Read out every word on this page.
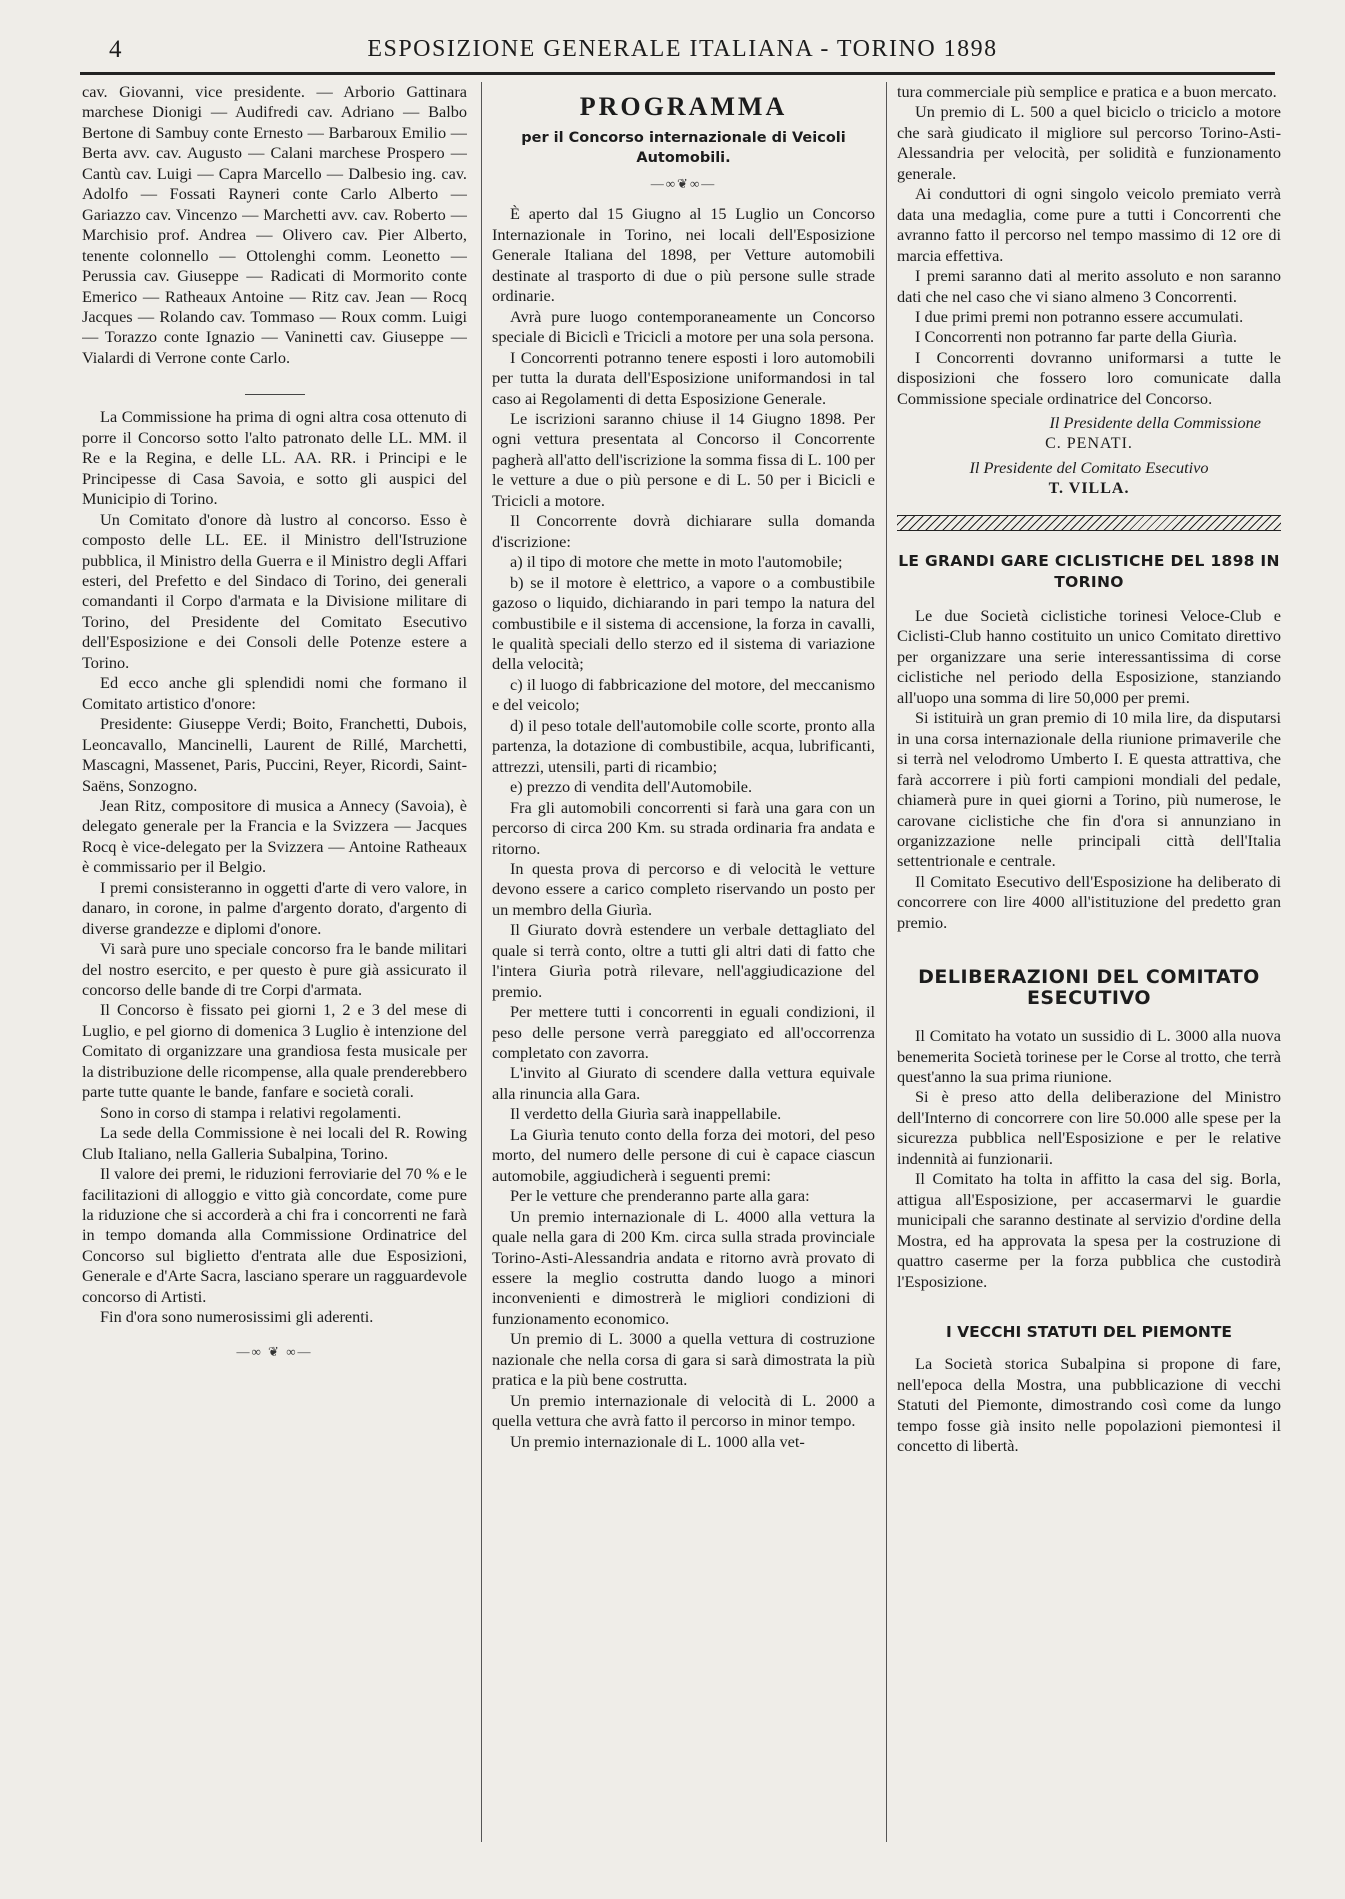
4	ESPOSIZIONE GENERALE ITALIANA - TORINO 1898

cav. Giovanni, vice presidente. — Arborio Gattinara marchese Dionigi — Audifredi cav. Adriano — Balbo Bertone di Sambuy conte Ernesto — Barbaroux Emilio — Berta avv. cav. Augusto — Calani marchese Prospero — Cantù cav. Luigi — Capra Marcello — Dalbesio ing. cav. Adolfo — Fossati Rayneri conte Carlo Alberto — Gariazzo cav. Vincenzo — Marchetti avv. cav. Roberto — Marchisio prof. Andrea — Olivero cav. Pier Alberto, tenente colonnello — Ottolenghi comm. Leonetto — Perussia cav. Giuseppe — Radicati di Mormorito conte Emerico — Ratheaux Antoine — Ritz cav. Jean — Rocq Jacques — Rolando cav. Tommaso — Roux comm. Luigi — Torazzo conte Ignazio — Vaninetti cav. Giuseppe — Vialardi di Verrone conte Carlo.

La Commissione ha prima di ogni altra cosa ottenuto di porre il Concorso sotto l'alto patronato delle LL. MM. il Re e la Regina, e delle LL. AA. RR. i Principi e le Principesse di Casa Savoia, e sotto gli auspici del Municipio di Torino.

Un Comitato d'onore dà lustro al concorso. Esso è composto delle LL. EE. il Ministro dell'Istruzione pubblica, il Ministro della Guerra e il Ministro degli Affari esteri, del Prefetto e del Sindaco di Torino, dei generali comandanti il Corpo d'armata e la Divisione militare di Torino, del Presidente del Comitato Esecutivo dell'Esposizione e dei Consoli delle Potenze estere a Torino.

Ed ecco anche gli splendidi nomi che formano il Comitato artistico d'onore:

Presidente: Giuseppe Verdi; Boito, Franchetti, Dubois, Leoncavallo, Mancinelli, Laurent de Rillé, Marchetti, Mascagni, Massenet, Paris, Puccini, Reyer, Ricordi, Saint-Saëns, Sonzogno.

Jean Ritz, compositore di musica a Annecy (Savoia), è delegato generale per la Francia e la Svizzera — Jacques Rocq è vice-delegato per la Svizzera — Antoine Ratheaux è commissario per il Belgio.

I premi consisteranno in oggetti d'arte di vero valore, in danaro, in corone, in palme d'argento dorato, d'argento di diverse grandezze e diplomi d'onore.

Vi sarà pure uno speciale concorso fra le bande militari del nostro esercito, e per questo è pure già assicurato il concorso delle bande di tre Corpi d'armata.

Il Concorso è fissato pei giorni 1, 2 e 3 del mese di Luglio, e pel giorno di domenica 3 Luglio è intenzione del Comitato di organizzare una grandiosa festa musicale per la distribuzione delle ricompense, alla quale prenderebbero parte tutte quante le bande, fanfare e società corali.

Sono in corso di stampa i relativi regolamenti.

La sede della Commissione è nei locali del R. Rowing Club Italiano, nella Galleria Subalpina, Torino.

Il valore dei premi, le riduzioni ferroviarie del 70 % e le facilitazioni di alloggio e vitto già concordate, come pure la riduzione che si accorderà a chi fra i concorrenti ne farà in tempo domanda alla Commissione Ordinatrice del Concorso sul biglietto d'entrata alle due Esposizioni, Generale e d'Arte Sacra, lasciano sperare un ragguardevole concorso di Artisti.

Fin d'ora sono numerosissimi gli aderenti.

—∞ ❦ ∞—
PROGRAMMA
per il Concorso internazionale di Veicoli Automobili.
—∞❦∞—

È aperto dal 15 Giugno al 15 Luglio un Concorso Internazionale in Torino, nei locali dell'Esposizione Generale Italiana del 1898, per Vetture automobili destinate al trasporto di due o più persone sulle strade ordinarie.

Avrà pure luogo contemporaneamente un Concorso speciale di Biciclì e Tricicli a motore per una sola persona.

I Concorrenti potranno tenere esposti i loro automobili per tutta la durata dell'Esposizione uniformandosi in tal caso ai Regolamenti di detta Esposizione Generale.

Le iscrizioni saranno chiuse il 14 Giugno 1898. Per ogni vettura presentata al Concorso il Concorrente pagherà all'atto dell'iscrizione la somma fissa di L. 100 per le vetture a due o più persone e di L. 50 per i Bicicli e Tricicli a motore.

Il Concorrente dovrà dichiarare sulla domanda d'iscrizione:

a) il tipo di motore che mette in moto l'automobile;

b) se il motore è elettrico, a vapore o a combustibile gazoso o liquido, dichiarando in pari tempo la natura del combustibile e il sistema di accensione, la forza in cavalli, le qualità speciali dello sterzo ed il sistema di variazione della velocità;

c) il luogo di fabbricazione del motore, del meccanismo e del veicolo;

d) il peso totale dell'automobile colle scorte, pronto alla partenza, la dotazione di combustibile, acqua, lubrificanti, attrezzi, utensili, parti di ricambio;

e) prezzo di vendita dell'Automobile.

Fra gli automobili concorrenti si farà una gara con un percorso di circa 200 Km. su strada ordinaria fra andata e ritorno.

In questa prova di percorso e di velocità le vetture devono essere a carico completo riservando un posto per un membro della Giurìa.

Il Giurato dovrà estendere un verbale dettagliato del quale si terrà conto, oltre a tutti gli altri dati di fatto che l'intera Giurìa potrà rilevare, nell'aggiudicazione del premio.

Per mettere tutti i concorrenti in eguali condizioni, il peso delle persone verrà pareggiato ed all'occorrenza completato con zavorra.

L'invito al Giurato di scendere dalla vettura equivale alla rinuncia alla Gara.

Il verdetto della Giurìa sarà inappellabile.

La Giurìa tenuto conto della forza dei motori, del peso morto, del numero delle persone di cui è capace ciascun automobile, aggiudicherà i seguenti premi:

Per le vetture che prenderanno parte alla gara:

Un premio internazionale di L. 4000 alla vettura la quale nella gara di 200 Km. circa sulla strada provinciale Torino-Asti-Alessandria andata e ritorno avrà provato di essere la meglio costrutta dando luogo a minori inconvenienti e dimostrerà le migliori condizioni di funzionamento economico.

Un premio di L. 3000 a quella vettura di costruzione nazionale che nella corsa di gara si sarà dimostrata la più pratica e la più bene costrutta.

Un premio internazionale di velocità di L. 2000 a quella vettura che avrà fatto il percorso in minor tempo.

Un premio internazionale di L. 1000 alla vet-

tura commerciale più semplice e pratica e a buon mercato.

Un premio di L. 500 a quel biciclo o triciclo a motore che sarà giudicato il migliore sul percorso Torino-Asti-Alessandria per velocità, per solidità e funzionamento generale.

Ai conduttori di ogni singolo veicolo premiato verrà data una medaglia, come pure a tutti i Concorrenti che avranno fatto il percorso nel tempo massimo di 12 ore di marcia effettiva.

I premi saranno dati al merito assoluto e non saranno dati che nel caso che vi siano almeno 3 Concorrenti.

I due primi premi non potranno essere accumulati.

I Concorrenti non potranno far parte della Giurìa.

I Concorrenti dovranno uniformarsi a tutte le disposizioni che fossero loro comunicate dalla Commissione speciale ordinatrice del Concorso.

Il Presidente della Commissione
C. PENATI.
Il Presidente del Comitato Esecutivo
T. VILLA.
LE GRANDI GARE CICLISTICHE DEL 1898 IN TORINO

Le due Società ciclistiche torinesi Veloce-Club e Ciclisti-Club hanno costituito un unico Comitato direttivo per organizzare una serie interessantissima di corse ciclistiche nel periodo della Esposizione, stanziando all'uopo una somma di lire 50,000 per premi.

Si istituirà un gran premio di 10 mila lire, da disputarsi in una corsa internazionale della riunione primaverile che si terrà nel velodromo Umberto I. E questa attrattiva, che farà accorrere i più forti campioni mondiali del pedale, chiamerà pure in quei giorni a Torino, più numerose, le carovane ciclistiche che fin d'ora si annunziano in organizzazione nelle principali città dell'Italia settentrionale e centrale.

Il Comitato Esecutivo dell'Esposizione ha deliberato di concorrere con lire 4000 all'istituzione del predetto gran premio.

DELIBERAZIONI DEL COMITATO ESECUTIVO

Il Comitato ha votato un sussidio di L. 3000 alla nuova benemerita Società torinese per le Corse al trotto, che terrà quest'anno la sua prima riunione.

Si è preso atto della deliberazione del Ministro dell'Interno di concorrere con lire 50.000 alle spese per la sicurezza pubblica nell'Esposizione e per le relative indennità ai funzionarii.

Il Comitato ha tolta in affitto la casa del sig. Borla, attigua all'Esposizione, per accasermarvi le guardie municipali che saranno destinate al servizio d'ordine della Mostra, ed ha approvata la spesa per la costruzione di quattro caserme per la forza pubblica che custodirà l'Esposizione.

I VECCHI STATUTI DEL PIEMONTE

La Società storica Subalpina si propone di fare, nell'epoca della Mostra, una pubblicazione di vecchi Statuti del Piemonte, dimostrando così come da lungo tempo fosse già insito nelle popolazioni piemontesi il concetto di libertà.
